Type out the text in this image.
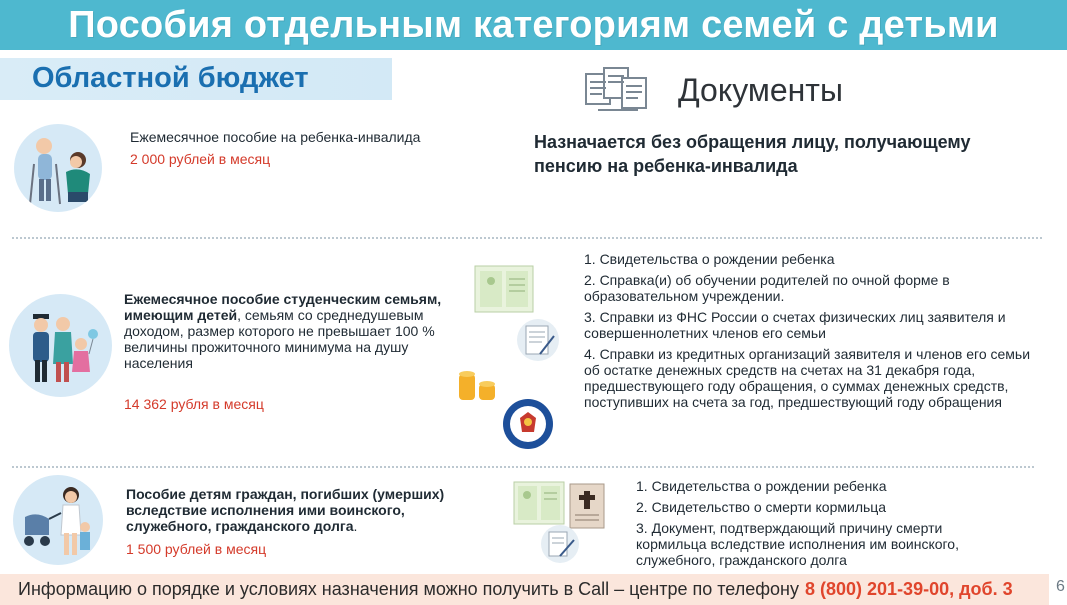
Пособия отдельным категориям семей с детьми
Областной бюджет	Документы
Ежемесячное пособие на ребенка-инвалида
2 000 рублей в месяц
Назначается без обращения лицу, получающему
пенсию на ребенка-инвалида
Ежемесячное пособие студенческим семьям, имеющим детей, семьям со среднедушевым доходом, размер которого не превышает 100 % величины прожиточного минимума на душу населения
14 362 рубля в месяц
1. Свидетельства о рождении ребенка
2. Справка(и) об обучении родителей по очной форме в образовательном учреждении.
3. Справки из ФНС России о счетах физических лиц заявителя и совершеннолетних членов его семьи
4. Справки из кредитных организаций заявителя и членов его семьи об остатке денежных средств на счетах на 31 декабря года, предшествующего году обращения, о суммах денежных средств, поступивших на счета за год, предшествующий году обращения
Пособие детям граждан, погибших (умерших) вследствие исполнения ими воинского, служебного, гражданского долга.
1 500 рублей в месяц
1. Свидетельства о рождении ребенка
2. Свидетельство о смерти кормильца
3. Документ, подтверждающий причину смерти кормильца вследствие исполнения им воинского, служебного, гражданского долга
Информацию о порядке и условиях назначения можно получить в Call – центре по телефону 8 (800) 201-39-00, доб. 3	6
